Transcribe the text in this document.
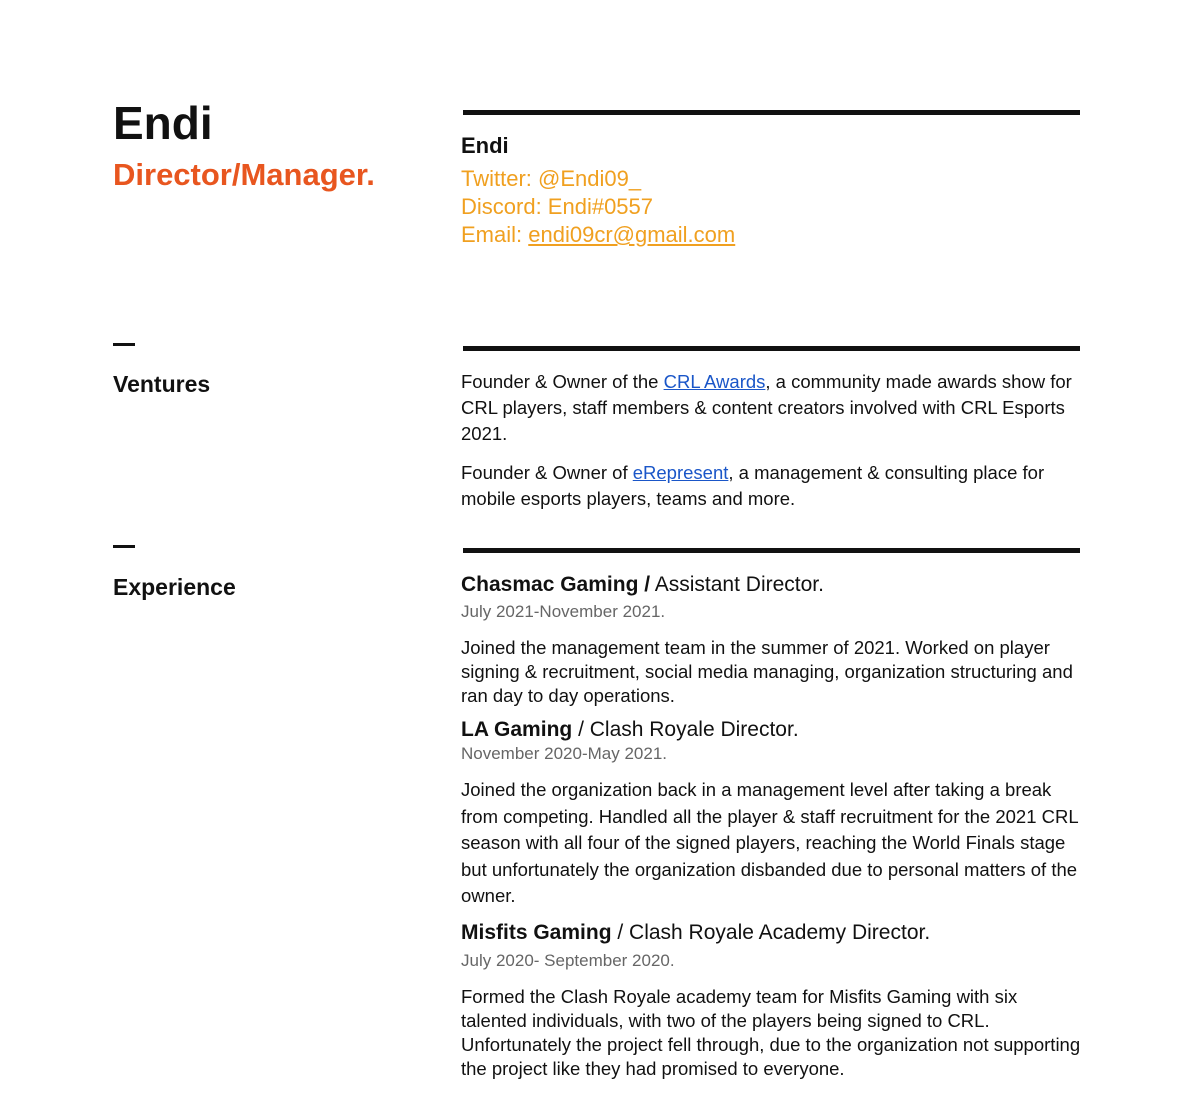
Endi
Director/Manager.
Endi
Twitter: @Endi09_
Discord: Endi#0557
Email: endi09cr@gmail.com
Ventures	Founder & Owner of the CRL Awards, a community made awards show for CRL players, staff members & content creators involved with CRL Esports 2021.

Founder & Owner of eRepresent, a management & consulting place for mobile esports players, teams and more.

Experience	Chasmac Gaming / Assistant Director.
July 2021-November 2021.

Joined the management team in the summer of 2021. Worked on player signing & recruitment, social media managing, organization structuring and ran day to day operations.

LA Gaming / Clash Royale Director.
November 2020-May 2021.

Joined the organization back in a management level after taking a break from competing. Handled all the player & staff recruitment for the 2021 CRL season with all four of the signed players, reaching the World Finals stage but unfortunately the organization disbanded due to personal matters of the owner.

Misfits Gaming / Clash Royale Academy Director.
July 2020- September 2020.

Formed the Clash Royale academy team for Misfits Gaming with six talented individuals, with two of the players being signed to CRL. Unfortunately the project fell through, due to the organization not supporting the project like they had promised to everyone.
